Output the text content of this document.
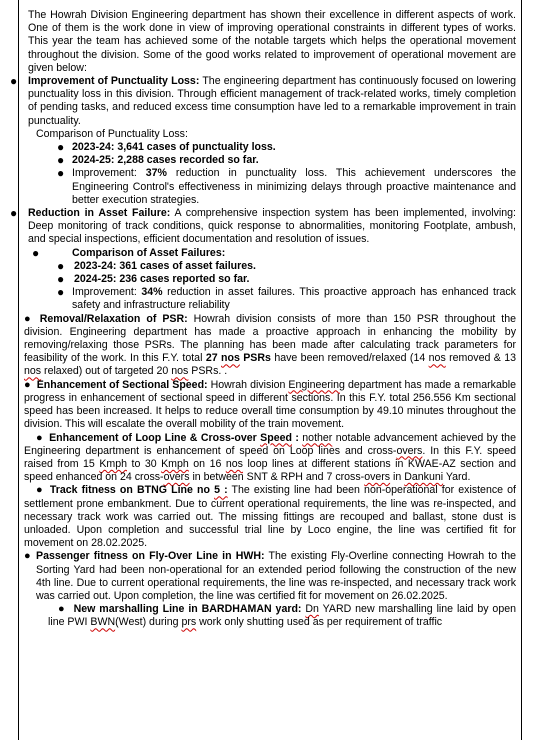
The Howrah Division Engineering department has shown their excellence in different aspects of work. One of them is the work done in view of improving operational constraints in different types of works. This year the team has achieved some of the notable targets which helps the operational movement throughout the division. Some of the good works related to improvement of operational movement are given below:

● Improvement of Punctuality Loss: The engineering department has continuously focused on lowering punctuality loss in this division. Through efficient management of track-related works, timely completion of pending tasks, and reduced excess time consumption have led to a remarkable improvement in train punctuality.

Comparison of Punctuality Loss:

● 2023-24: 3,641 cases of punctuality loss.

● 2024-25: 2,288 cases recorded so far.

● Improvement: 37% reduction in punctuality loss. This achievement underscores the Engineering Control's effectiveness in minimizing delays through proactive maintenance and better execution strategies.

● Reduction in Asset Failure: A comprehensive inspection system has been implemented, involving: Deep monitoring of track conditions, quick response to abnormalities, monitoring Footplate, ambush, and special inspections, efficient documentation and resolution of issues.

●	Comparison of Asset Failures:

● 2023-24: 361 cases of asset failures.

● 2024-25: 236 cases reported so far.

● Improvement: 34% reduction in asset failures. This proactive approach has enhanced track safety and infrastructure reliability

● Removal/Relaxation of PSR: Howrah division consists of more than 150 PSR throughout the division. Engineering department has made a proactive approach in enhancing the mobility by removing/relaxing those PSRs. The planning has been made after calculating track parameters for feasibility of the work. In this F.Y. total 27 nos PSRs have been removed/relaxed (14 nos removed & 13 nos relaxed) out of targeted 20 nos PSRs. .

● Enhancement of Sectional Speed: Howrah division Engineering department has made a remarkable progress in enhancement of sectional speed in different sections. In this F.Y. total 256.556 Km sectional speed has been increased. It helps to reduce overall time consumption by 49.10 minutes throughout the division. This will escalate the overall mobility of the train movement.

● Enhancement of Loop Line & Cross-over Speed : nother notable advancement achieved by the Engineering department is enhancement of speed on Loop lines and cross-overs. In this F.Y. speed raised from 15 Kmph to 30 Kmph on 16 nos loop lines at different stations in KWAE-AZ section and speed enhanced on 24 cross-overs in between SNT & RPH and 7 cross-overs in Dankuni Yard.

● Track fitness on BTNG Line no 5 : The existing line had been non-operational for existence of settlement prone embankment. Due to current operational requirements, the line was re-inspected, and necessary track work was carried out. The missing fittings are recouped and ballast, stone dust is unloaded. Upon completion and successful trial line by Loco engine, the line was certified fit for movement on 28.02.2025.

● Passenger fitness on Fly-Over Line in HWH: The existing Fly-Overline connecting Howrah to the Sorting Yard had been non-operational for an extended period following the construction of the new 4th line. Due to current operational requirements, the line was re-inspected, and necessary track work was carried out. Upon completion, the line was certified fit for movement on 26.02.2025.

● New marshalling Line in BARDHAMAN yard: Dn YARD new marshalling line laid by open line PWI BWN(West) during prs work only shutting used as per requirement of traffic
